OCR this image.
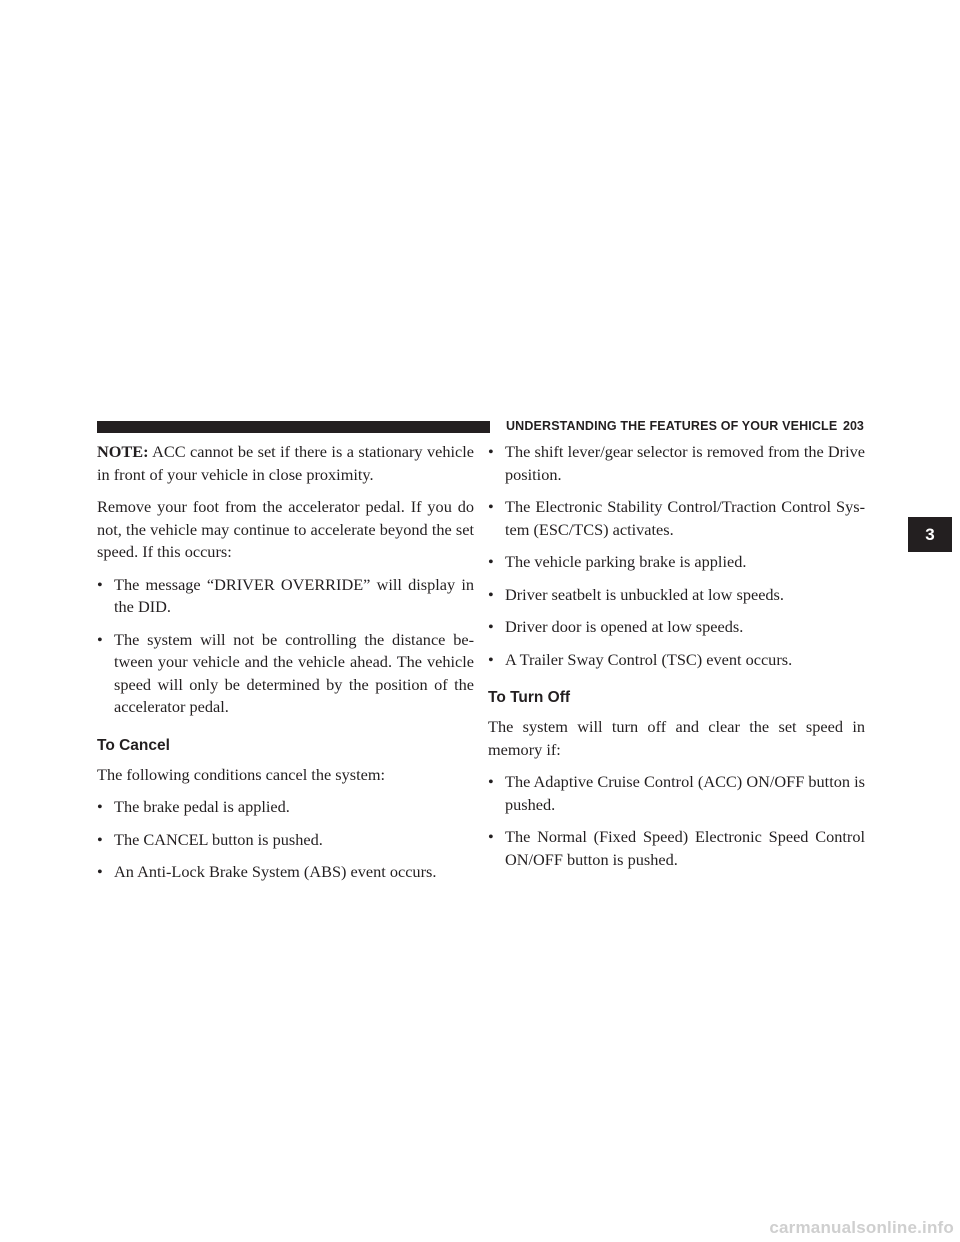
UNDERSTANDING THE FEATURES OF YOUR VEHICLE 203
3

NOTE: ACC cannot be set if there is a stationary vehicle in front of your vehicle in close proximity.

Remove your foot from the accelerator pedal. If you do not, the vehicle may continue to accelerate beyond the set speed. If this occurs:

• The message “DRIVER OVERRIDE” will display in the DID.
• The system will not be controlling the distance be-tween your vehicle and the vehicle ahead. The vehicle speed will only be determined by the position of the accelerator pedal.
To Cancel

The following conditions cancel the system:

• The brake pedal is applied.
• The CANCEL button is pushed.
• An Anti-Lock Brake System (ABS) event occurs.
• The shift lever/gear selector is removed from the Drive position.
• The Electronic Stability Control/Traction Control Sys-tem (ESC/TCS) activates.
• The vehicle parking brake is applied.
• Driver seatbelt is unbuckled at low speeds.
• Driver door is opened at low speeds.
• A Trailer Sway Control (TSC) event occurs.
To Turn Off

The system will turn off and clear the set speed in memory if:

• The Adaptive Cruise Control (ACC) ON/OFF button is pushed.
• The Normal (Fixed Speed) Electronic Speed Control ON/OFF button is pushed.
carmanualsonline.info
